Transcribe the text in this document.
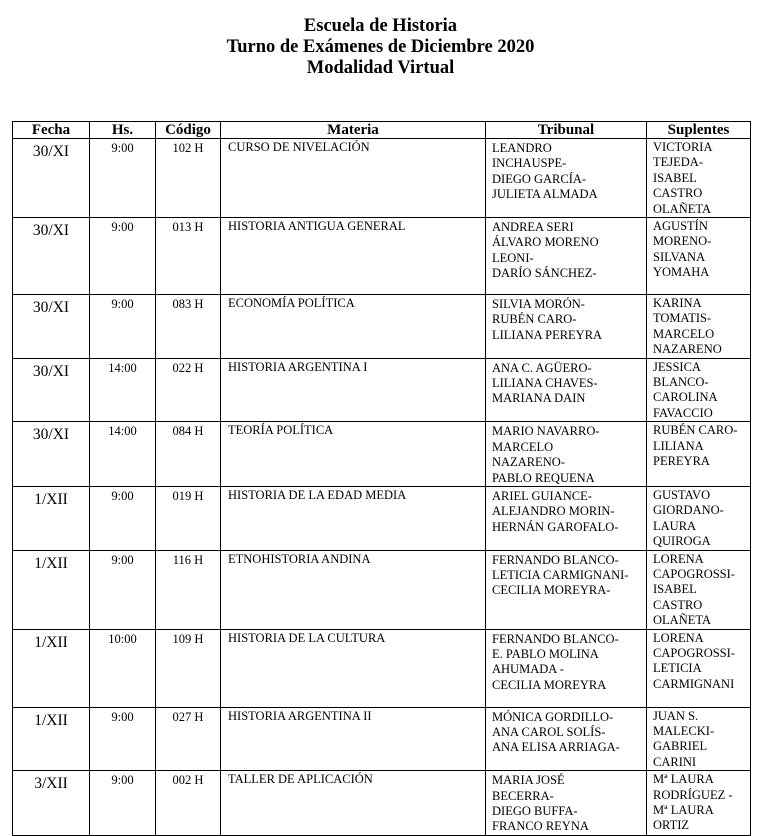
Escuela de Historia
Turno de Exámenes de Diciembre 2020
Modalidad Virtual
Fecha	Hs.	Código	Materia	Tribunal	Suplentes
30/XI	9:00	102 H	CURSO DE NIVELACIÓN	LEANDRO
INCHAUSPE-
DIEGO GARCÍA-
JULIETA ALMADA	VICTORIA
TEJEDA-
ISABEL
CASTRO
OLAÑETA

30/XI	9:00	013 H	HISTORIA ANTIGUA GENERAL	ANDREA SERI
ÁLVARO MORENO
LEONI-
DARÍO SÁNCHEZ-	AGUSTÍN
MORENO-
SILVANA
YOMAHA

30/XI	9:00	083 H	ECONOMÍA POLÍTICA	SILVIA MORÓN-
RUBÉN CARO-
LILIANA PEREYRA	KARINA
TOMATIS-
MARCELO
NAZARENO

30/XI	14:00	022 H	HISTORIA ARGENTINA I	ANA C. AGÜERO-
LILIANA CHAVES-
MARIANA DAIN	JESSICA
BLANCO-
CAROLINA
FAVACCIO

30/XI	14:00	084 H	TEORÍA POLÍTICA	MARIO NAVARRO-
MARCELO
NAZARENO-
PABLO REQUENA	RUBÉN CARO-
LILIANA
PEREYRA

1/XII	9:00	019 H	HISTORIA DE LA EDAD MEDIA	ARIEL GUIANCE-
ALEJANDRO MORIN-
HERNÁN GAROFALO-	GUSTAVO
GIORDANO-
LAURA
QUIROGA

1/XII	9:00	116 H	ETNOHISTORIA ANDINA	FERNANDO BLANCO-
LETICIA CARMIGNANI-
CECILIA MOREYRA-	LORENA
CAPOGROSSI-
ISABEL
CASTRO
OLAÑETA

1/XII	10:00	109 H	HISTORIA DE LA CULTURA	FERNANDO BLANCO-
E. PABLO MOLINA
AHUMADA -
CECILIA MOREYRA	LORENA
CAPOGROSSI-
LETICIA
CARMIGNANI

1/XII	9:00	027 H	HISTORIA ARGENTINA II	MÓNICA GORDILLO-
ANA CAROL SOLÍS-
ANA ELISA ARRIAGA-	JUAN S.
MALECKI-
GABRIEL
CARINI

3/XII	9:00	002 H	TALLER DE APLICACIÓN	MARIA JOSÉ
BECERRA-
DIEGO BUFFA-
FRANCO REYNA	Mª LAURA
RODRÍGUEZ -
Mª LAURA
ORTIZ
